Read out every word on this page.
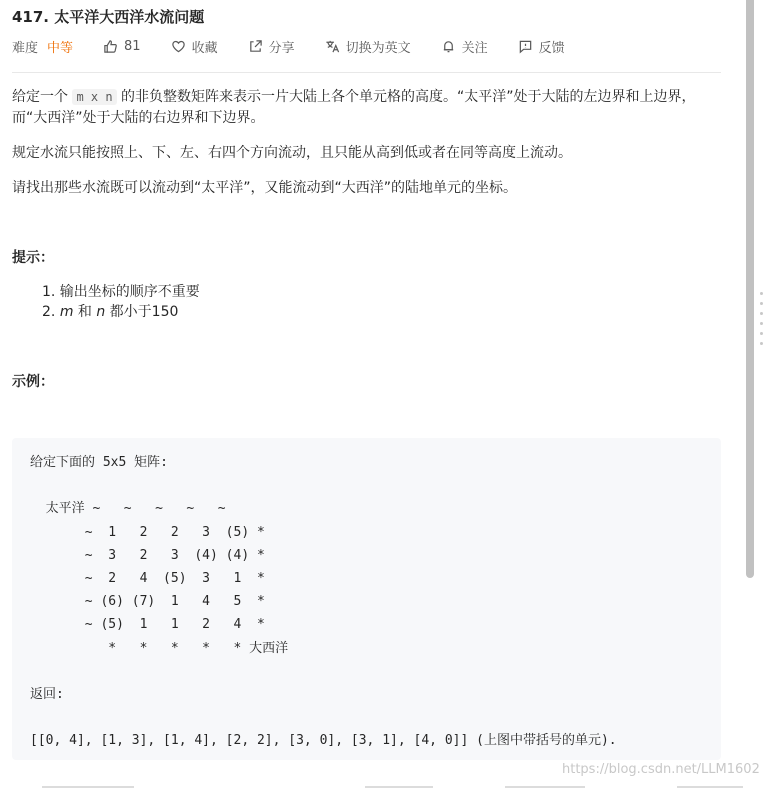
417. 太平洋大西洋水流问题
难度 中等	81	收藏	分享	切换为英文	关注	反馈
给定一个 m x n 的非负整数矩阵来表示一片大陆上各个单元格的高度。“太平洋”处于大陆的左边界和上边界，而“大西洋”处于大陆的右边界和下边界。
规定水流只能按照上、下、左、右四个方向流动，且只能从高到低或者在同等高度上流动。
请找出那些水流既可以流动到“太平洋”，又能流动到“大西洋”的陆地单元的坐标。
提示：
1. 输出坐标的顺序不重要
2. m 和 n 都小于150
示例：
给定下面的 5x5 矩阵:

太平洋 ~   ~   ~   ~   ~
~  1   2   2   3  (5) *
~  3   2   3  (4) (4) *
~  2   4  (5)  3   1  *
~ (6) (7)  1   4   5  *
~ (5)  1   1   2   4  *
*   *   *   *   * 大西洋

返回:

[[0, 4], [1, 3], [1, 4], [2, 2], [3, 0], [3, 1], [4, 0]] (上图中带括号的单元).
https://blog.csdn.net/LLM1602
